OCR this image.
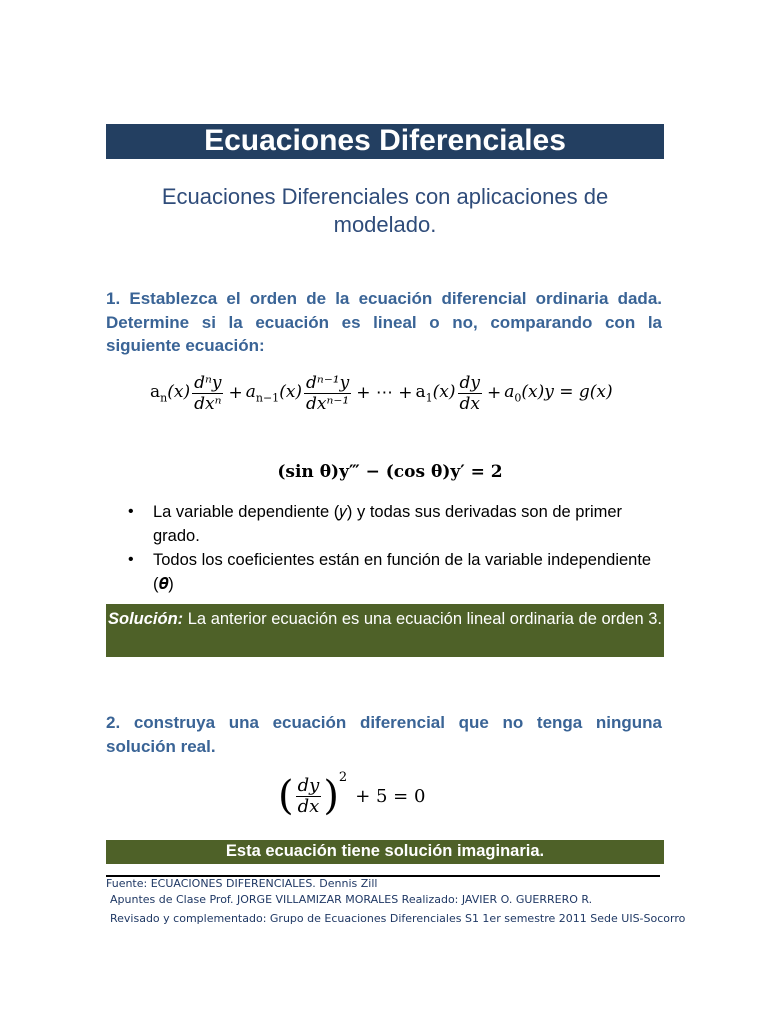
Ecuaciones Diferenciales
Ecuaciones Diferenciales con aplicaciones de
modelado.
1. Establezca el orden de la ecuación diferencial ordinaria dada. Determine si la ecuación es lineal o no, comparando con la siguiente ecuación:
$a_n(x) \frac{\text{dⁿy}}{\text{dxⁿ}} + a_{n-1}(x) \frac{\text{dⁿ⁻¹y}}{\text{dxⁿ⁻¹}}$ + ⋯ + $a_1(x) \frac{dy}{dx} + a_0(x)y = g(x)$
(sin θ)y‴ − (cos θ)y′ = 2
• La variable dependiente (𝑦) y todas sus derivadas son de primer grado.
• Todos los coeficientes están en función de la variable independiente (𝜽)
Solución: La anterior ecuación es una ecuación lineal ordinaria de orden 3.
2. construya una ecuación diferencial que no tenga ninguna solución real.
( $\frac{dy}{dx} )^2$
+ 5 = 0
Esta ecuación tiene solución imaginaria.
Fuente: ECUACIONES DIFERENCIALES. Dennis Zill
Apuntes de Clase Prof. JORGE VILLAMIZAR MORALES Realizado: JAVIER O. GUERRERO R.
Revisado y complementado: Grupo de Ecuaciones Diferenciales S1 1er semestre 2011 Sede UIS-Socorro
